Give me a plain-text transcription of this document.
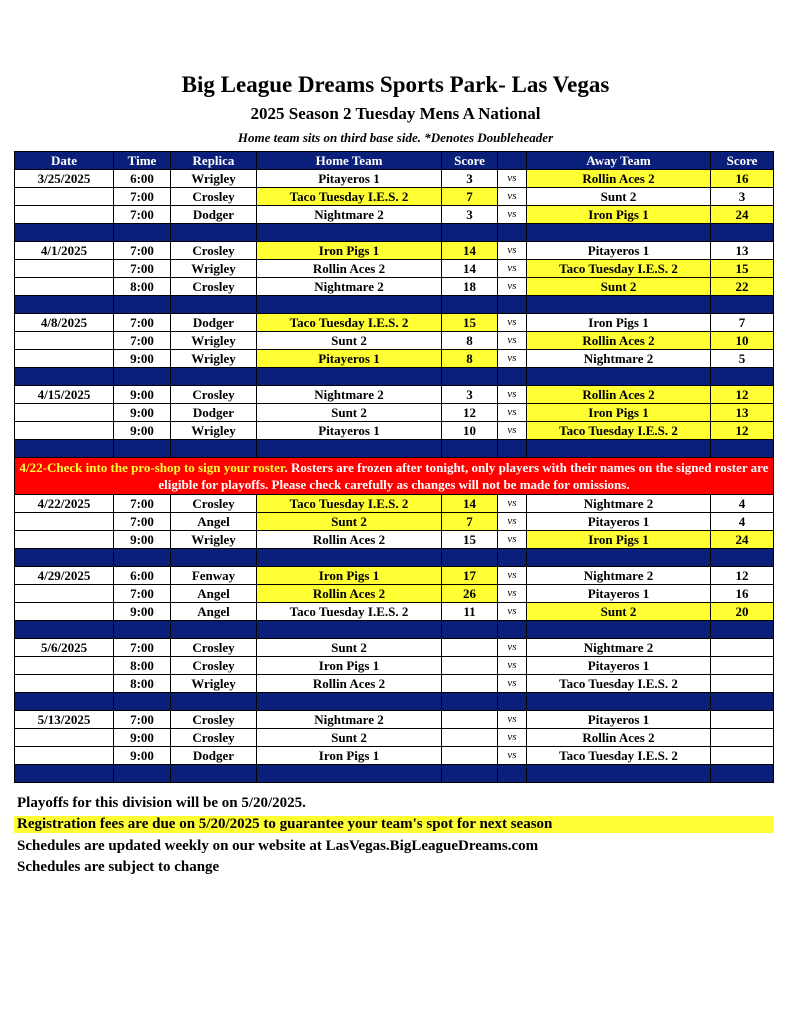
Big League Dreams Sports Park- Las Vegas
2025 Season 2 Tuesday Mens A National
Home team sits on third base side. *Denotes Doubleheader
Date	Time	Replica	Home Team	Score		Away Team	Score
3/25/2025	6:00	Wrigley	Pitayeros 1	3	vs	Rollin Aces 2	16
	7:00	Crosley	Taco Tuesday I.E.S. 2	7	vs	Sunt 2	3
	7:00	Dodger	Nightmare 2	3	vs	Iron Pigs 1	24

4/1/2025	7:00	Crosley	Iron Pigs 1	14	vs	Pitayeros 1	13
	7:00	Wrigley	Rollin Aces 2	14	vs	Taco Tuesday I.E.S. 2	15
	8:00	Crosley	Nightmare 2	18	vs	Sunt 2	22

4/8/2025	7:00	Dodger	Taco Tuesday I.E.S. 2	15	vs	Iron Pigs 1	7
	7:00	Wrigley	Sunt 2	8	vs	Rollin Aces 2	10
	9:00	Wrigley	Pitayeros 1	8	vs	Nightmare 2	5

4/15/2025	9:00	Crosley	Nightmare 2	3	vs	Rollin Aces 2	12
	9:00	Dodger	Sunt 2	12	vs	Iron Pigs 1	13
	9:00	Wrigley	Pitayeros 1	10	vs	Taco Tuesday I.E.S. 2	12

4/22-Check into the pro-shop to sign your roster. Rosters are frozen after tonight, only players with their names on the signed roster are eligible for playoffs. Please check carefully as changes will not be made for omissions.							
4/22/2025	7:00	Crosley	Taco Tuesday I.E.S. 2	14	vs	Nightmare 2	4
	7:00	Angel	Sunt 2	7	vs	Pitayeros 1	4
	9:00	Wrigley	Rollin Aces 2	15	vs	Iron Pigs 1	24

4/29/2025	6:00	Fenway	Iron Pigs 1	17	vs	Nightmare 2	12
	7:00	Angel	Rollin Aces 2	26	vs	Pitayeros 1	16
	9:00	Angel	Taco Tuesday I.E.S. 2	11	vs	Sunt 2	20

5/6/2025	7:00	Crosley	Sunt 2		vs	Nightmare 2	
	8:00	Crosley	Iron Pigs 1		vs	Pitayeros 1	
	8:00	Wrigley	Rollin Aces 2		vs	Taco Tuesday I.E.S. 2	

5/13/2025	7:00	Crosley	Nightmare 2		vs	Pitayeros 1	
	9:00	Crosley	Sunt 2		vs	Rollin Aces 2	
	9:00	Dodger	Iron Pigs 1		vs	Taco Tuesday I.E.S. 2	

Playoffs for this division will be on 5/20/2025.
Registration fees are due on 5/20/2025 to guarantee your team's spot for next season
Schedules are updated weekly on our website at LasVegas.BigLeagueDreams.com
Schedules are subject to change
